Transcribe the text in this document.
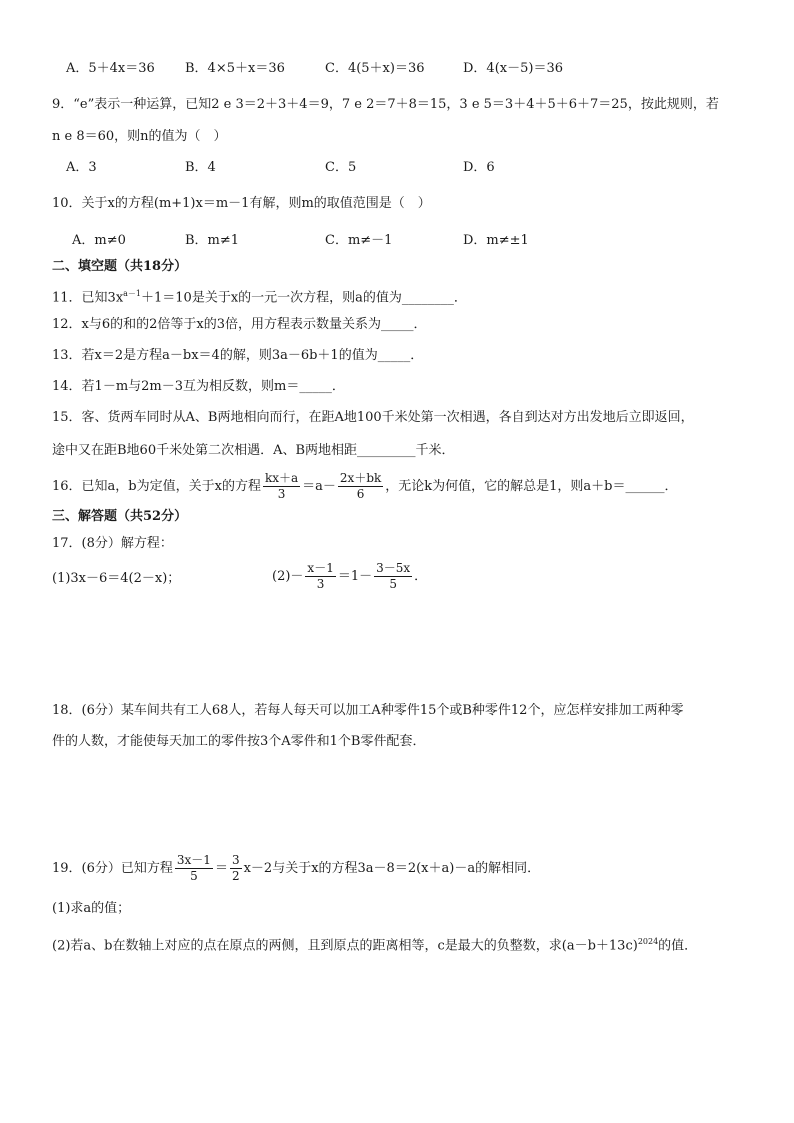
A．5＋4x＝36 B．4×5＋x＝36	C．4(5＋x)＝36	D．4(x－5)＝36
9．“e”表示一种运算，已知2 e 3＝2＋3＋4＝9，7 e 2＝7＋8＝15，3 e 5＝3＋4＋5＋6＋7＝25，按此规则，若
n e 8＝60，则n的值为（　）
A．3	B．4	C．5	D．6
10．关于x的方程(m+1)x＝m－1有解，则m的取值范围是（　）
A．m≠0	B．m≠1	C．m≠－1	D．m≠±1
二、填空题（共18分）
11．已知$3x^{a-1}+1=10$是关于x的一元一次方程，则a的值为________．
12．x与6的和的2倍等于x的3倍，用方程表示数量关系为_____．
13．若x＝2是方程a－bx＝4的解，则3a－6b＋1的值为_____．
14．若1－m与2m－3互为相反数，则m＝_____．
15．客、货两车同时从A、B两地相向而行，在距A地100千米处第一次相遇，各自到达对方出发地后立即返回，
途中又在距B地60千米处第二次相遇．A、B两地相距_________千米．
16．已知a，b为定值，关于x的方程 $\frac{kx+a}{3} =a- \frac{2x+bk}{6}$ ，无论k为何值，它的解总是1，则a＋b＝______．
三、解答题（共52分）
17．(8分）解方程：
(1)3x－6＝4(2－x)；	$(2)- \frac{x-1}{3} =1- \frac{3-5x}{5}$ ．
18．(6分）某车间共有工人68人，若每人每天可以加工A种零件15个或B种零件12个，应怎样安排加工两种零
件的人数，才能使每天加工的零件按3个A零件和1个B零件配套．
19．(6分）已知方程 $\frac{3x-1}{5} = \frac{3}{2} x-2$与关于x的方程3a－8＝2(x＋a)－a的解相同．
(1)求a的值；
(2)若a、b在数轴上对应的点在原点的两侧，且到原点的距离相等，c是最大的负整数，求$(a-b+13c)^{2024}$的值．
